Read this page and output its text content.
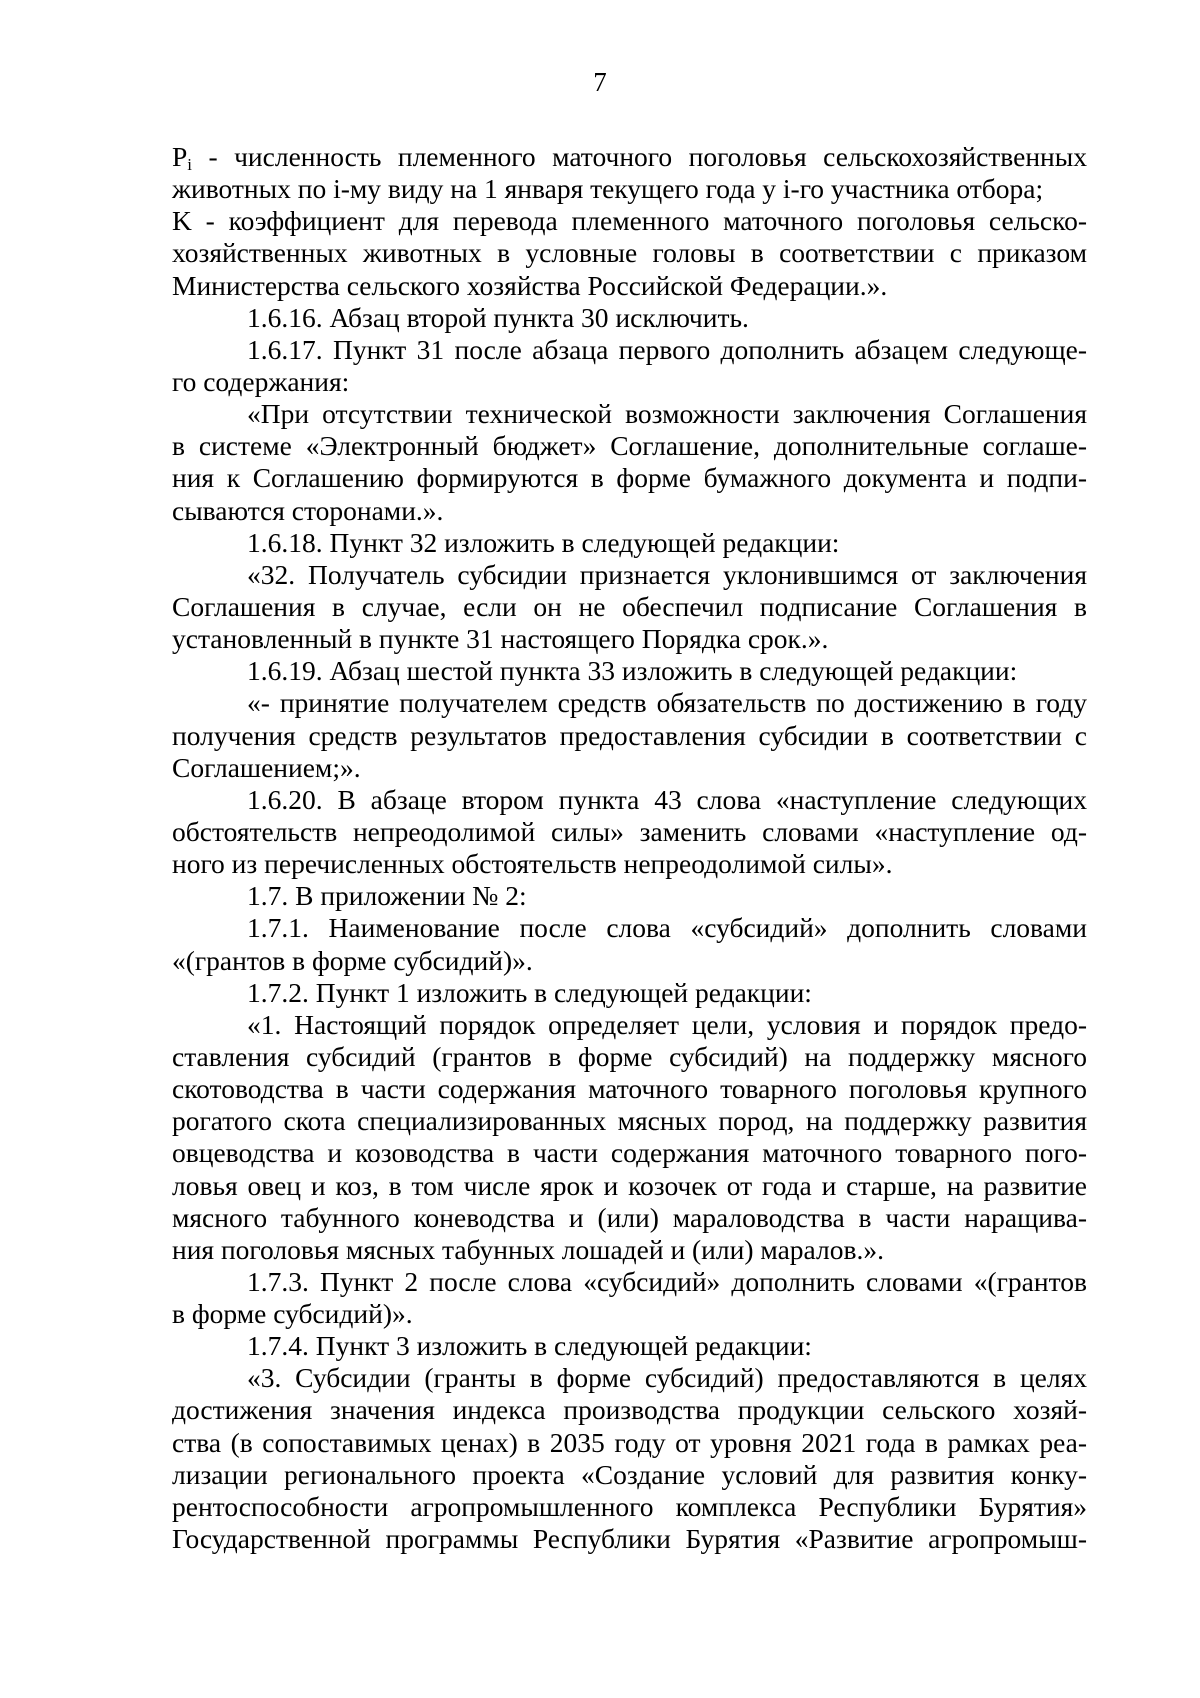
7
$P_i$ - численность племенного маточного поголовья сельскохозяйственных
животных по i-му виду на 1 января текущего года у i-го участника отбора;
K - коэффициент для перевода племенного маточного поголовья сельско-
хозяйственных животных в условные головы в соответствии с приказом
Министерства сельского хозяйства Российской Федерации.».
1.6.16. Абзац второй пункта 30 исключить.
1.6.17. Пункт 31 после абзаца первого дополнить абзацем следующе-
го содержания:
«При отсутствии технической возможности заключения Соглашения
в системе «Электронный бюджет» Соглашение, дополнительные соглаше-
ния к Соглашению формируются в форме бумажного документа и подпи-
сываются сторонами.».
1.6.18. Пункт 32 изложить в следующей редакции:
«32. Получатель субсидии признается уклонившимся от заключения
Соглашения в случае, если он не обеспечил подписание Соглашения в
установленный в пункте 31 настоящего Порядка срок.».
1.6.19. Абзац шестой пункта 33 изложить в следующей редакции:
«- принятие получателем средств обязательств по достижению в году
получения средств результатов предоставления субсидии в соответствии с
Соглашением;».
1.6.20. В абзаце втором пункта 43 слова «наступление следующих
обстоятельств непреодолимой силы» заменить словами «наступление од-
ного из перечисленных обстоятельств непреодолимой силы».
1.7. В приложении № 2:
1.7.1. Наименование после слова «субсидий» дополнить словами
«(грантов в форме субсидий)».
1.7.2. Пункт 1 изложить в следующей редакции:
«1. Настоящий порядок определяет цели, условия и порядок предо-
ставления субсидий (грантов в форме субсидий) на поддержку мясного
скотоводства в части содержания маточного товарного поголовья крупного
рогатого скота специализированных мясных пород, на поддержку развития
овцеводства и козоводства в части содержания маточного товарного пого-
ловья овец и коз, в том числе ярок и козочек от года и старше, на развитие
мясного табунного коневодства и (или) мараловодства в части наращива-
ния поголовья мясных табунных лошадей и (или) маралов.».
1.7.3. Пункт 2 после слова «субсидий» дополнить словами «(грантов
в форме субсидий)».
1.7.4. Пункт 3 изложить в следующей редакции:
«3. Субсидии (гранты в форме субсидий) предоставляются в целях
достижения значения индекса производства продукции сельского хозяй-
ства (в сопоставимых ценах) в 2035 году от уровня 2021 года в рамках реа-
лизации регионального проекта «Создание условий для развития конку-
рентоспособности агропромышленного комплекса Республики Бурятия»
Государственной программы Республики Бурятия «Развитие агропромыш-
